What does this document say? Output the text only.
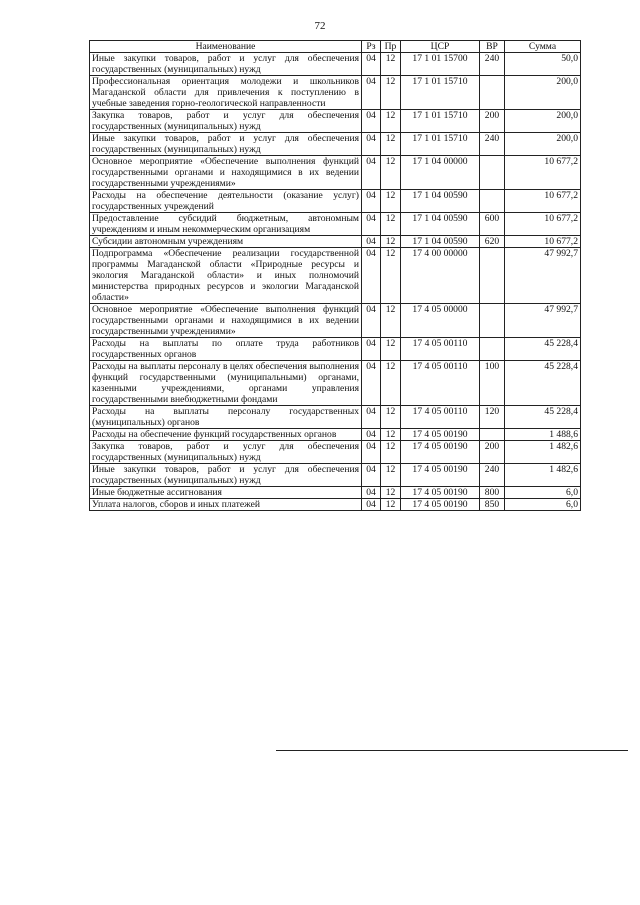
72
Наименование	Рз	Пр	ЦСР	ВР	Сумма
Иные закупки товаров, работ и услуг для обеспечения государственных (муниципальных) нужд	04	12	17 1 01 15700	240	50,0
Профессиональная ориентация молодежи и школьников Магаданской области для привлечения к поступлению в учебные заведения горно-геологической направленности	04	12	17 1 01 15710		200,0
Закупка товаров, работ и услуг для обеспечения государственных (муниципальных) нужд	04	12	17 1 01 15710	200	200,0
Иные закупки товаров, работ и услуг для обеспечения государственных (муниципальных) нужд	04	12	17 1 01 15710	240	200,0
Основное мероприятие «Обеспечение выполнения функций государственными органами и находящимися в их ведении государственными учреждениями»	04	12	17 1 04 00000		10 677,2
Расходы на обеспечение деятельности (оказание услуг) государственных учреждений	04	12	17 1 04 00590		10 677,2
Предоставление субсидий бюджетным, автономным учреждениям и иным некоммерческим организациям	04	12	17 1 04 00590	600	10 677,2
Субсидии автономным учреждениям	04	12	17 1 04 00590	620	10 677,2
Подпрограмма «Обеспечение реализации государственной программы Магаданской области «Природные ресурсы и экология Магаданской области» и иных полномочий министерства природных ресурсов и экологии Магаданской области»	04	12	17 4 00 00000		47 992,7
Основное мероприятие «Обеспечение выполнения функций государственными органами и находящимися в их ведении государственными учреждениями»	04	12	17 4 05 00000		47 992,7
Расходы на выплаты по оплате труда работников государственных органов	04	12	17 4 05 00110		45 228,4
Расходы на выплаты персоналу в целях обеспечения выполнения функций государственными (муниципальными) органами, казенными учреждениями, органами управления государственными внебюджетными фондами	04	12	17 4 05 00110	100	45 228,4
Расходы на выплаты персоналу государственных (муниципальных) органов	04	12	17 4 05 00110	120	45 228,4
Расходы на обеспечение функций государственных органов	04	12	17 4 05 00190		1 488,6
Закупка товаров, работ и услуг для обеспечения государственных (муниципальных) нужд	04	12	17 4 05 00190	200	1 482,6
Иные закупки товаров, работ и услуг для обеспечения государственных (муниципальных) нужд	04	12	17 4 05 00190	240	1 482,6
Иные бюджетные ассигнования	04	12	17 4 05 00190	800	6,0
Уплата налогов, сборов и иных платежей	04	12	17 4 05 00190	850	6,0
